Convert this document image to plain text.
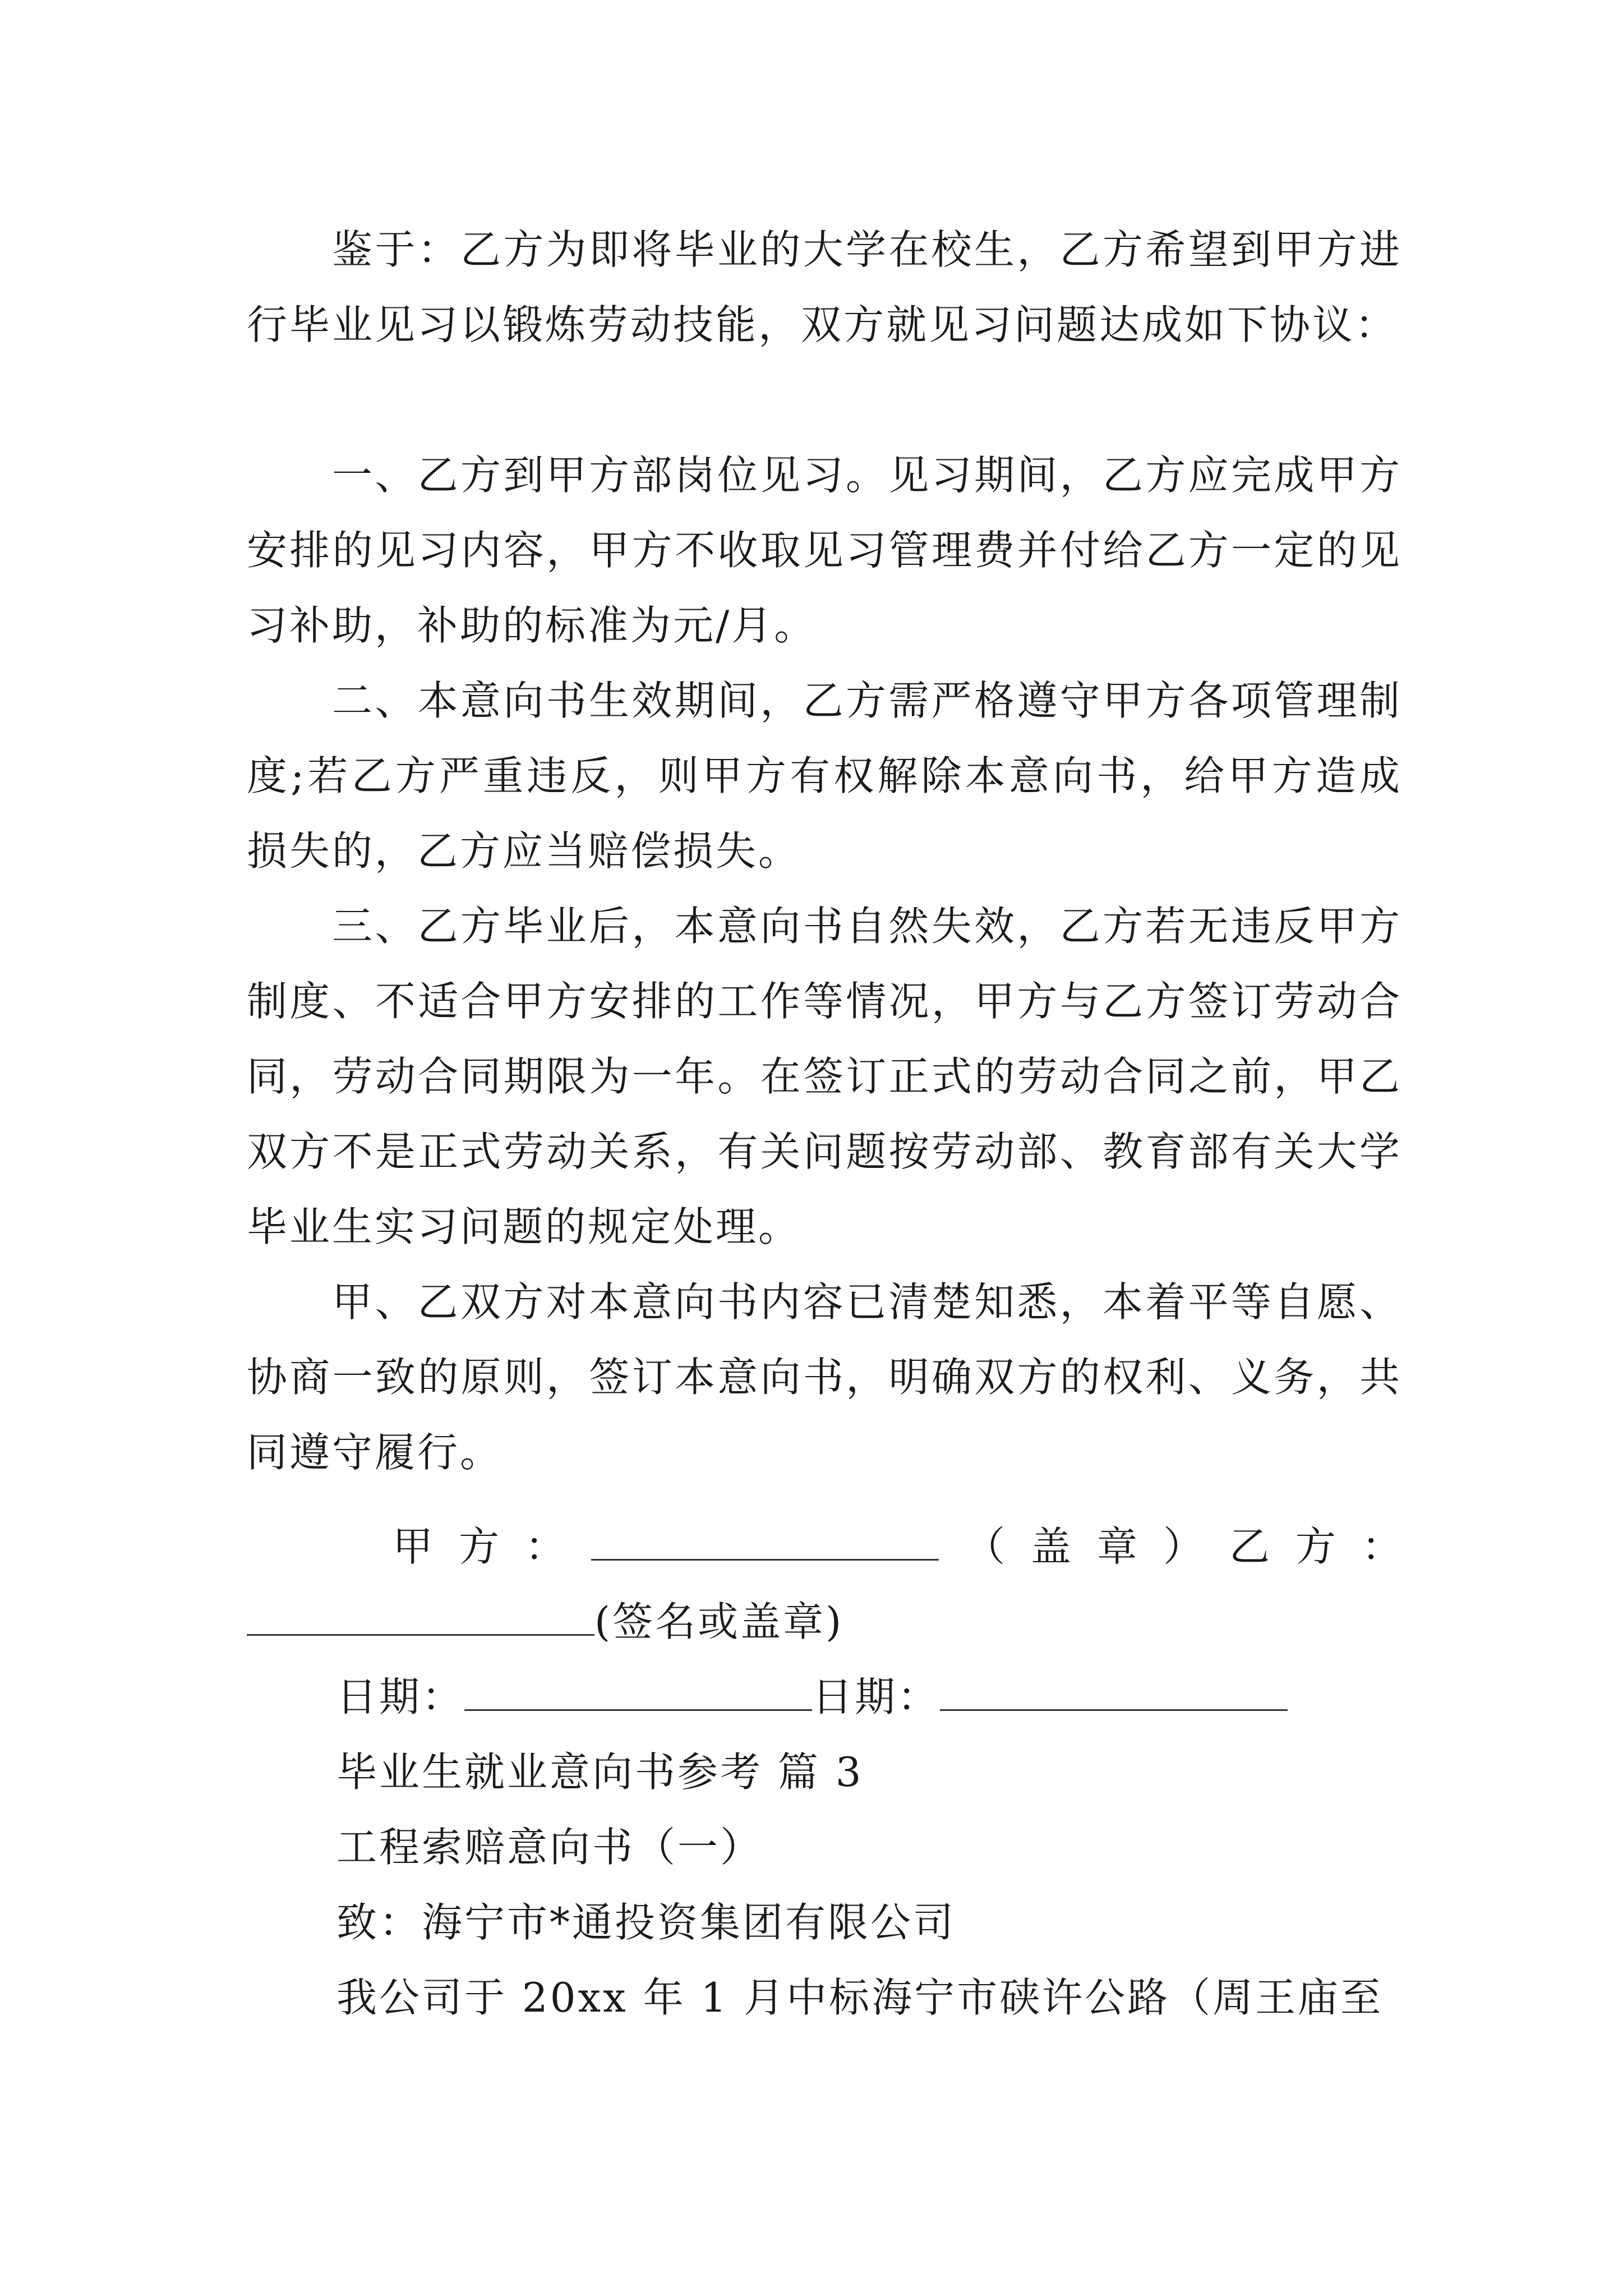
鉴于：乙方为即将毕业的大学在校生，乙方希望到甲方进行毕业见习以锻炼劳动技能，双方就见习问题达成如下协议：

一、乙方到甲方部岗位见习。见习期间，乙方应完成甲方安排的见习内容，甲方不收取见习管理费并付给乙方一定的见习补助，补助的标准为元/月。

二、本意向书生效期间，乙方需严格遵守甲方各项管理制度;若乙方严重违反，则甲方有权解除本意向书，给甲方造成损失的，乙方应当赔偿损失。

三、乙方毕业后，本意向书自然失效，乙方若无违反甲方制度、不适合甲方安排的工作等情况，甲方与乙方签订劳动合同，劳动合同期限为一年。在签订正式的劳动合同之前，甲乙双方不是正式劳动关系，有关问题按劳动部、教育部有关大学毕业生实习问题的规定处理。

甲、乙双方对本意向书内容已清楚知悉，本着平等自愿、协商一致的原则，签订本意向书，明确双方的权利、义务，共同遵守履行。

甲 方 ：	（ 盖 章 ） 乙 方 ：
(签名或盖章)
日期：	日期：
毕业生就业意向书参考 篇 3
工程索赔意向书（一）
致：海宁市*通投资集团有限公司
我公司于 20xx 年 1 月中标海宁市硖许公路（周王庙至
